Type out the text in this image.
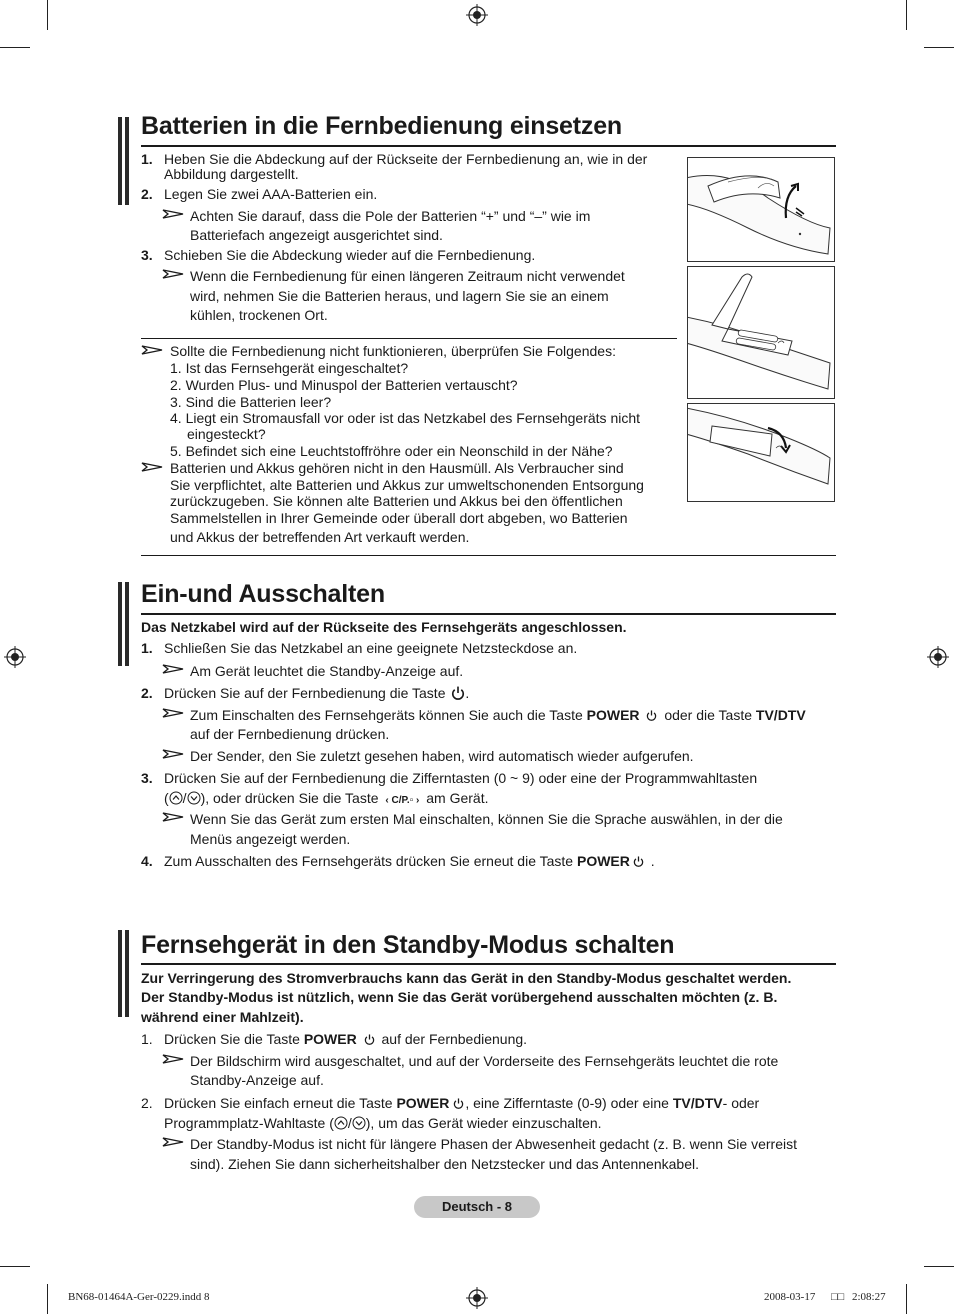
Batterien in die Fernbedienung einsetzen
1. Heben Sie die Abdeckung auf der Rückseite der Fernbedienung an, wie in der
Abbildung dargestellt.
2. Legen Sie zwei AAA-Batterien ein.
Achten Sie darauf, dass die Pole der Batterien “+” und “–” wie im
Batteriefach angezeigt ausgerichtet sind.
3. Schieben Sie die Abdeckung wieder auf die Fernbedienung.
Wenn die Fernbedienung für einen längeren Zeitraum nicht verwendet
wird, nehmen Sie die Batterien heraus, und lagern Sie sie an einem
kühlen, trockenen Ort.
Sollte die Fernbedienung nicht funktionieren, überprüfen Sie Folgendes:
1. Ist das Fernsehgerät eingeschaltet?
2. Wurden Plus- und Minuspol der Batterien vertauscht?
3. Sind die Batterien leer?
4. Liegt ein Stromausfall vor oder ist das Netzkabel des Fernsehgeräts nicht
eingesteckt?
5. Befindet sich eine Leuchtstoffröhre oder ein Neonschild in der Nähe?
Batterien und Akkus gehören nicht in den Hausmüll. Als Verbraucher sind
Sie verpflichtet, alte Batterien und Akkus zur umweltschonenden Entsorgung
zurückzugeben. Sie können alte Batterien und Akkus bei den öffentlichen
Sammelstellen in Ihrer Gemeinde oder überall dort abgeben, wo Batterien
und Akkus der betreffenden Art verkauft werden.
Ein-und Ausschalten
Das Netzkabel wird auf der Rückseite des Fernsehgeräts angeschlossen.
1. Schließen Sie das Netzkabel an eine geeignete Netzsteckdose an.
Am Gerät leuchtet die Standby-Anzeige auf.
2. Drücken Sie auf der Fernbedienung die Taste .
Zum Einschalten des Fernsehgeräts können Sie auch die Taste POWER oder die Taste TV/DTV
auf der Fernbedienung drücken.
Der Sender, den Sie zuletzt gesehen haben, wird automatisch wieder aufgerufen.
3. Drücken Sie auf der Fernbedienung die Zifferntasten (0 ~ 9) oder eine der Programmwahltasten
( / ), oder drücken Sie die Taste ‹ C/P.▫ › am Gerät.
Wenn Sie das Gerät zum ersten Mal einschalten, können Sie die Sprache auswählen, in der die
Menüs angezeigt werden.
4. Zum Ausschalten des Fernsehgeräts drücken Sie erneut die Taste POWER .
Fernsehgerät in den Standby-Modus schalten
Zur Verringerung des Stromverbrauchs kann das Gerät in den Standby-Modus geschaltet werden.
Der Standby-Modus ist nützlich, wenn Sie das Gerät vorübergehend ausschalten möchten (z. B.
während einer Mahlzeit).
1. Drücken Sie die Taste POWER auf der Fernbedienung.
Der Bildschirm wird ausgeschaltet, und auf der Vorderseite des Fernsehgeräts leuchtet die rote
Standby-Anzeige auf.
2. Drücken Sie einfach erneut die Taste POWER , eine Zifferntaste (0-9) oder eine TV/DTV- oder
Programmplatz-Wahltaste ( / ), um das Gerät wieder einzuschalten.
Der Standby-Modus ist nicht für längere Phasen der Abwesenheit gedacht (z. B. wenn Sie verreist
sind). Ziehen Sie dann sicherheitshalber den Netzstecker und das Antennenkabel.
Deutsch - 8
BN68-01464A-Ger-0229.indd 8	2008-03-17 □□ 2:08:27
